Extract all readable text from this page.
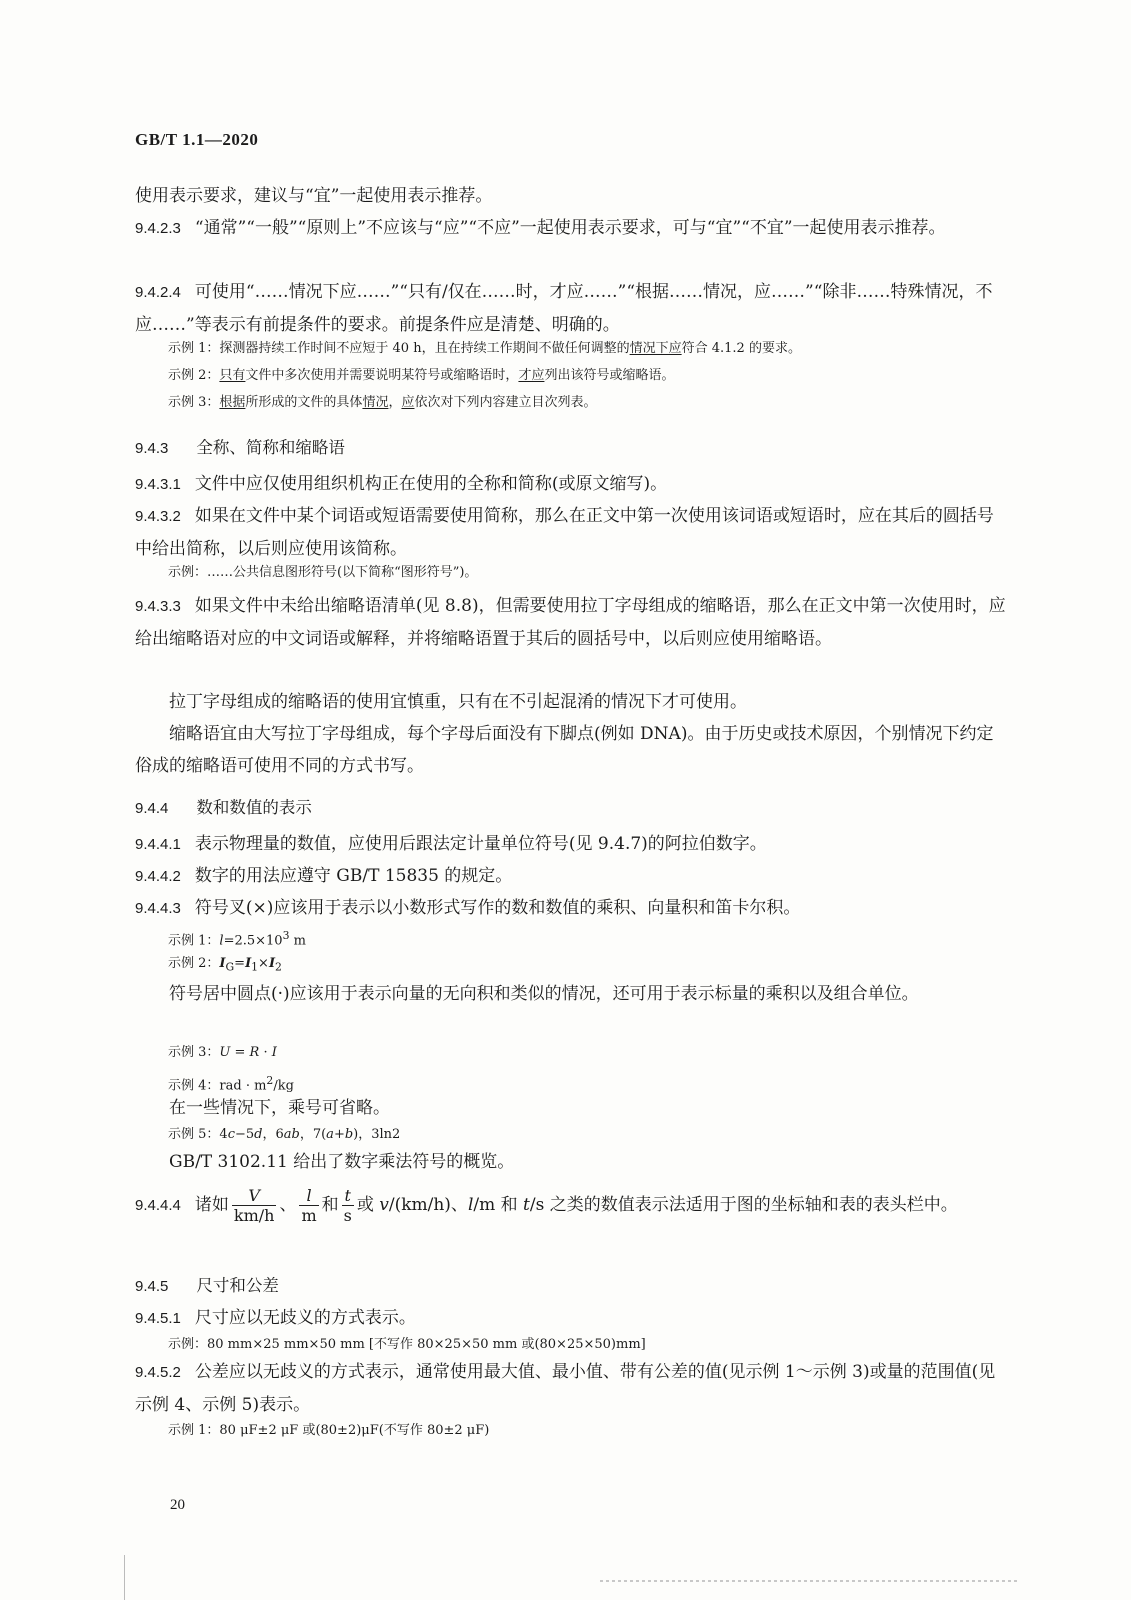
GB/T 1.1—2020

使用表示要求，建议与“宜”一起使用表示推荐。

9.4.2.3 “通常”“一般”“原则上”不应该与“应”“不应”一起使用表示要求，可与“宜”“不宜”一起使用表示推荐。

9.4.2.4 可使用“……情况下应……”“只有/仅在……时，才应……”“根据……情况，应……”“除非……特殊情况，不应……”等表示有前提条件的要求。前提条件应是清楚、明确的。

示例 1：探测器持续工作时间不应短于 40 h，且在持续工作期间不做任何调整的情况下应符合 4.1.2 的要求。
示例 2：只有文件中多次使用并需要说明某符号或缩略语时，才应列出该符号或缩略语。
示例 3：根据所形成的文件的具体情况，应依次对下列内容建立目次列表。
9.4.3 全称、简称和缩略语

9.4.3.1 文件中应仅使用组织机构正在使用的全称和简称(或原文缩写)。

9.4.3.2 如果在文件中某个词语或短语需要使用简称，那么在正文中第一次使用该词语或短语时，应在其后的圆括号中给出简称，以后则应使用该简称。

示例：……公共信息图形符号(以下简称“图形符号”)。

9.4.3.3 如果文件中未给出缩略语清单(见 8.8)，但需要使用拉丁字母组成的缩略语，那么在正文中第一次使用时，应给出缩略语对应的中文词语或解释，并将缩略语置于其后的圆括号中，以后则应使用缩略语。

拉丁字母组成的缩略语的使用宜慎重，只有在不引起混淆的情况下才可使用。

缩略语宜由大写拉丁字母组成，每个字母后面没有下脚点(例如 DNA)。由于历史或技术原因，个别情况下约定俗成的缩略语可使用不同的方式书写。

9.4.4 数和数值的表示

9.4.4.1 表示物理量的数值，应使用后跟法定计量单位符号(见 9.4.7)的阿拉伯数字。

9.4.4.2 数字的用法应遵守 GB/T 15835 的规定。

9.4.4.3 符号叉(×)应该用于表示以小数形式写作的数和数值的乘积、向量积和笛卡尔积。

示例 1：$l=2.5\times 10^3$ m
示例 2：$I_G=I_1\times I_2$

符号居中圆点(·)应该用于表示向量的无向积和类似的情况，还可用于表示标量的乘积以及组合单位。

示例 3：U = R · I
示例 4：rad · $m^2/kg$

在一些情况下，乘号可省略。

示例 5：4c−5d，6ab，7(a+b)，3ln2

GB/T 3102.11 给出了数字乘法符号的概览。

9.4.4.4 诸如 $\frac{V}{km/h}$ 、 $\frac{l}{m}$ 和 $\frac{t}{s}$ 或 v/(km/h)、l/m 和 t/s 之类的数值表示法适用于图的坐标轴和表的表头栏中。

9.4.5 尺寸和公差

9.4.5.1 尺寸应以无歧义的方式表示。

示例：80 mm×25 mm×50 mm [不写作 80×25×50 mm 或(80×25×50)mm]

9.4.5.2 公差应以无歧义的方式表示，通常使用最大值、最小值、带有公差的值(见示例 1～示例 3)或量的范围值(见示例 4、示例 5)表示。

示例 1：80 μF±2 μF 或(80±2)μF(不写作 80±2 μF)
20
